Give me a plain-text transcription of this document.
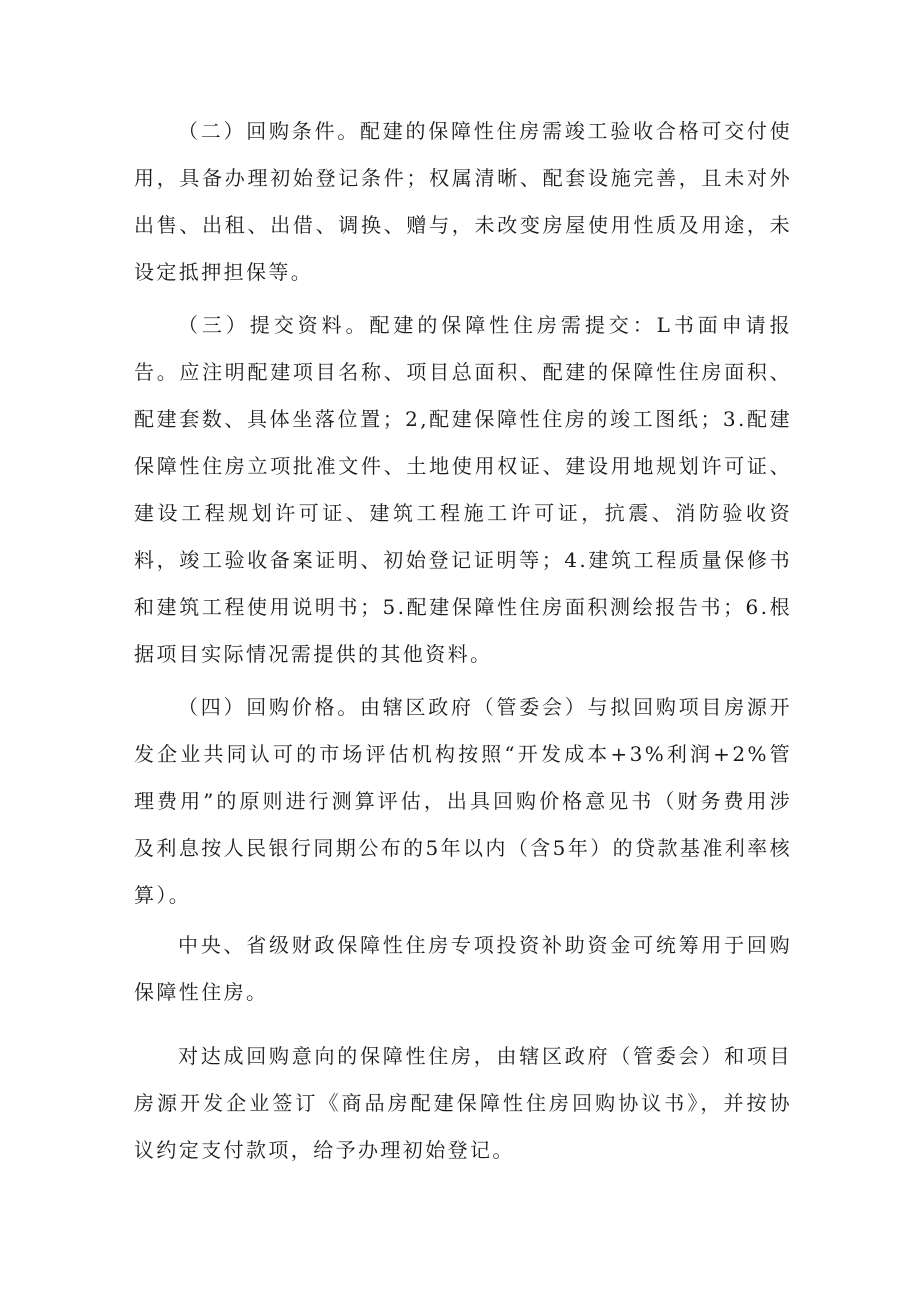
（二）回购条件。配建的保障性住房需竣工验收合格可交付使用，具备办理初始登记条件；权属清晰、配套设施完善，且未对外出售、出租、出借、调换、赠与，未改变房屋使用性质及用途，未设定抵押担保等。

（三）提交资料。配建的保障性住房需提交：L书面申请报告。应注明配建项目名称、项目总面积、配建的保障性住房面积、配建套数、具体坐落位置；2,配建保障性住房的竣工图纸；3.配建保障性住房立项批准文件、土地使用权证、建设用地规划许可证、建设工程规划许可证、建筑工程施工许可证，抗震、消防验收资料，竣工验收备案证明、初始登记证明等；4.建筑工程质量保修书和建筑工程使用说明书；5.配建保障性住房面积测绘报告书；6.根据项目实际情况需提供的其他资料。

（四）回购价格。由辖区政府（管委会）与拟回购项目房源开发企业共同认可的市场评估机构按照“开发成本+3%利润+2%管理费用”的原则进行测算评估，出具回购价格意见书（财务费用涉及利息按人民银行同期公布的5年以内（含5年）的贷款基准利率核算）。

中央、省级财政保障性住房专项投资补助资金可统筹用于回购保障性住房。

对达成回购意向的保障性住房，由辖区政府（管委会）和项目房源开发企业签订《商品房配建保障性住房回购协议书》，并按协议约定支付款项，给予办理初始登记。
